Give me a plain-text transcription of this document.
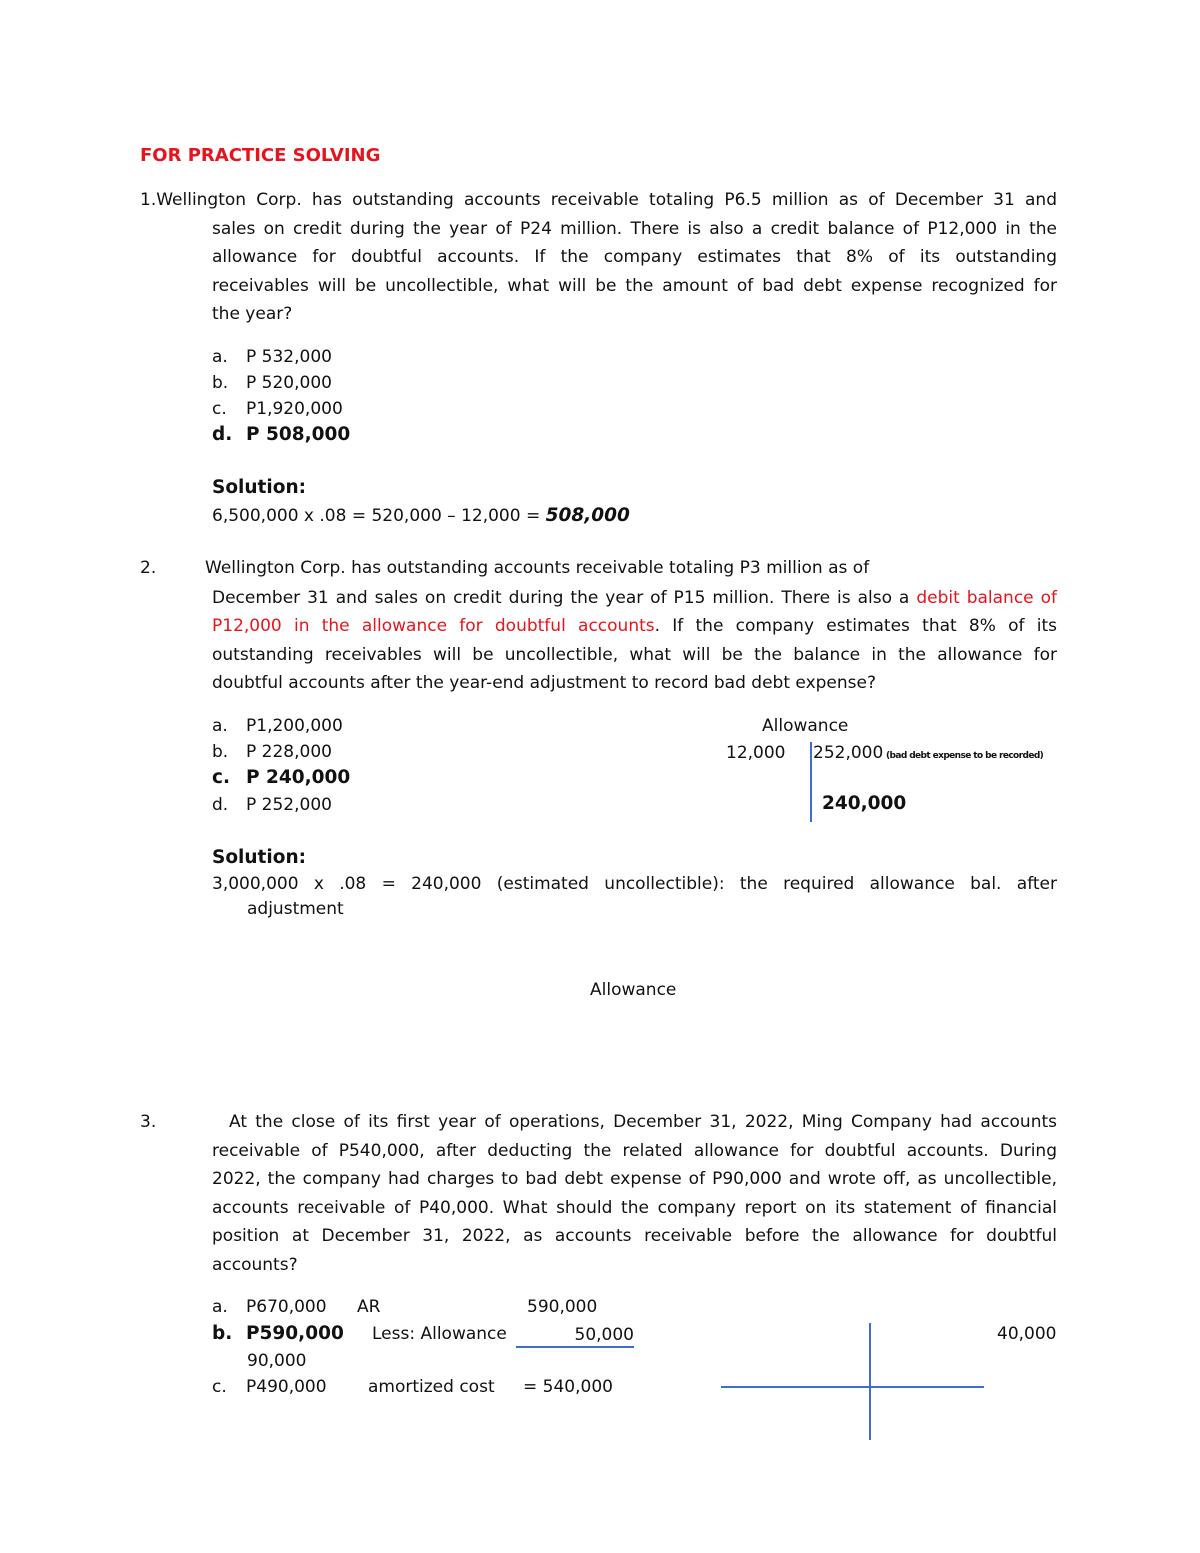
FOR PRACTICE SOLVING
1.Wellington Corp. has outstanding accounts receivable totaling P6.5 million as of December 31 and
sales on credit during the year of P24 million. There is also a credit balance of P12,000 in the
allowance for doubtful accounts. If the company estimates that 8% of its outstanding
receivables will be uncollectible, what will be the amount of bad debt expense recognized for
the year?
a. P 532,000
b. P 520,000
c. P1,920,000
d. P 508,000
Solution:
6,500,000 x .08 = 520,000 – 12,000 = 508,000
2.	Wellington Corp. has outstanding accounts receivable totaling P3 million as of
December 31 and sales on credit during the year of P15 million. There is also a debit balance of
P12,000 in the allowance for doubtful accounts. If the company estimates that 8% of its
outstanding receivables will be uncollectible, what will be the balance in the allowance for
doubtful accounts after the year-end adjustment to record bad debt expense?
a. P1,200,000
b. P 228,000
c. P 240,000
d. P 252,000
Allowance
12,000 252,000 (bad debt expense to be recorded)
240,000
Solution:
3,000,000 x .08 = 240,000 (estimated uncollectible): the required allowance bal. after
adjustment
Allowance
3.	At the close of its first year of operations, December 31, 2022, Ming Company had accounts
receivable of P540,000, after deducting the related allowance for doubtful accounts. During
2022, the company had charges to bad debt expense of P90,000 and wrote off, as uncollectible,
accounts receivable of P40,000. What should the company report on its statement of financial
position at December 31, 2022, as accounts receivable before the allowance for doubtful
accounts?
a. P670,000
b. P590,000
90,000
c. P490,000
AR	590,000
Less: Allowance	50,000
amortized cost = 540,000
40,000
